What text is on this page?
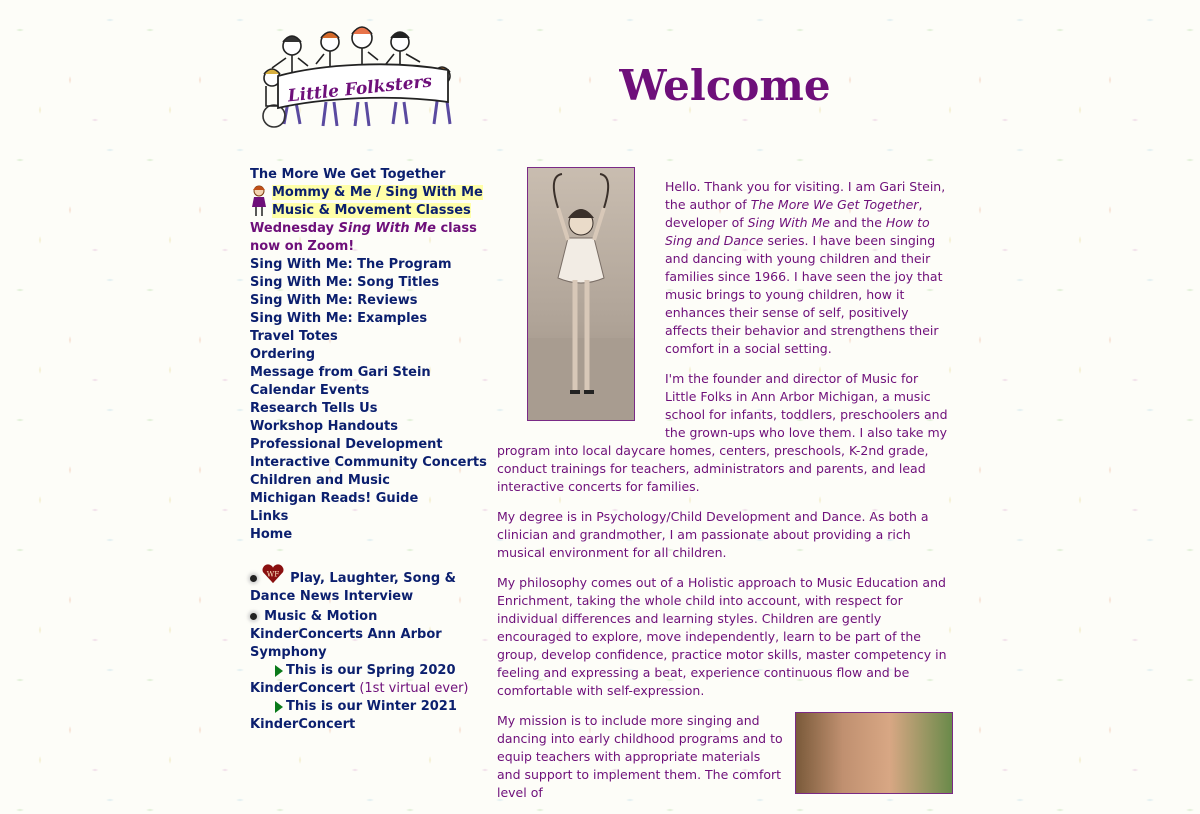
Little Folksters	Welcome
The More We Get Together
Mommy & Me / Sing With Me
Music & Movement Classes
Wednesday Sing With Me class
now on Zoom!
Sing With Me: The Program
Sing With Me: Song Titles
Sing With Me: Reviews
Sing With Me: Examples
Travel Totes
Ordering
Message from Gari Stein
Calendar Events
Research Tells Us
Workshop Handouts
Professional Development
Interactive Community Concerts
Children and Music
Michigan Reads! Guide
Links
Home
WF Play, Laughter, Song &
Dance News Interview
Music & Motion
KinderConcerts Ann Arbor
Symphony
This is our Spring 2020
KinderConcert (1st virtual ever)
This is our Winter 2021
KinderConcert

Hello. Thank you for visiting. I am Gari Stein, the author of The More We Get Together, developer of Sing With Me and the How to Sing and Dance series. I have been singing and dancing with young children and their families since 1966. I have seen the joy that music brings to young children, how it enhances their sense of self, positively affects their behavior and strengthens their comfort in a social setting.

I'm the founder and director of Music for Little Folks in Ann Arbor Michigan, a music school for infants, toddlers, preschoolers and the grown-ups who love them. I also take my program into local daycare homes, centers, preschools, K-2nd grade, conduct trainings for teachers, administrators and parents, and lead interactive concerts for families.

My degree is in Psychology/Child Development and Dance. As both a clinician and grandmother, I am passionate about providing a rich musical environment for all children.

My philosophy comes out of a Holistic approach to Music Education and Enrichment, taking the whole child into account, with respect for individual differences and learning styles. Children are gently encouraged to explore, move independently, learn to be part of the group, develop confidence, practice motor skills, master competency in feeling and expressing a beat, experience continuous flow and be comfortable with self-expression.

My mission is to include more singing and dancing into early childhood programs and to equip teachers with appropriate materials and support to implement them. The comfort level of
